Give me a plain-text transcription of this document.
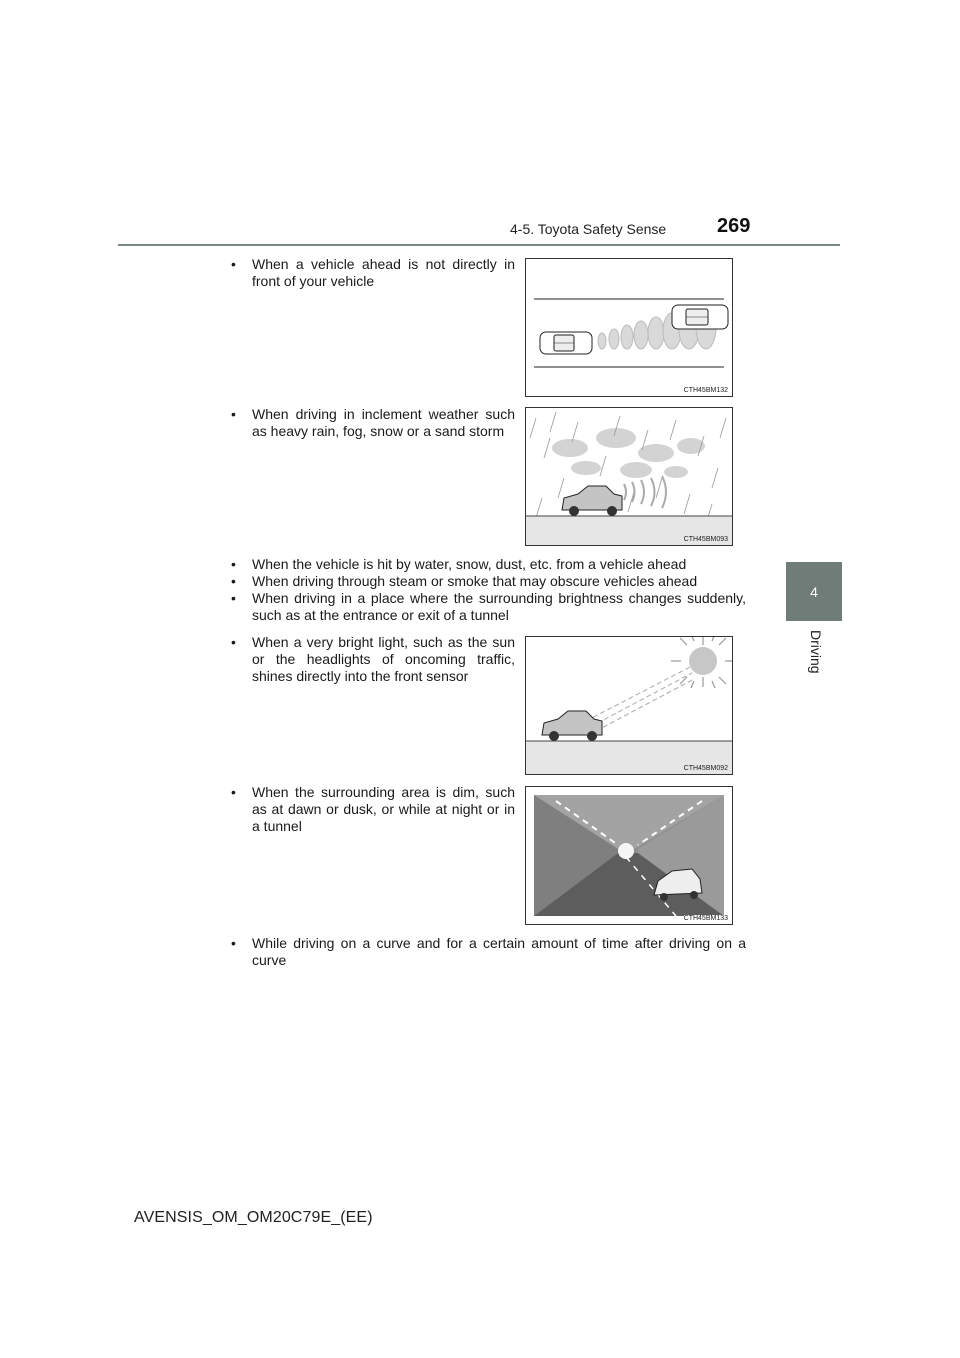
4-5. Toyota Safety Sense	269
4
Driving
• When a vehicle ahead is not directly in front of your vehicle
CTH45BM132
• When driving in inclement weather such as heavy rain, fog, snow or a sand storm
CTH45BM093
• When the vehicle is hit by water, snow, dust, etc. from a vehicle ahead
• When driving through steam or smoke that may obscure vehicles ahead
• When driving in a place where the surrounding brightness changes suddenly, such as at the entrance or exit of a tunnel
• When a very bright light, such as the sun or the headlights of oncoming traffic, shines directly into the front sensor
CTH45BM092
• When the surrounding area is dim, such as at dawn or dusk, or while at night or in a tunnel
CTH45BM133
• While driving on a curve and for a certain amount of time after driving on a curve
AVENSIS_OM_OM20C79E_(EE)
